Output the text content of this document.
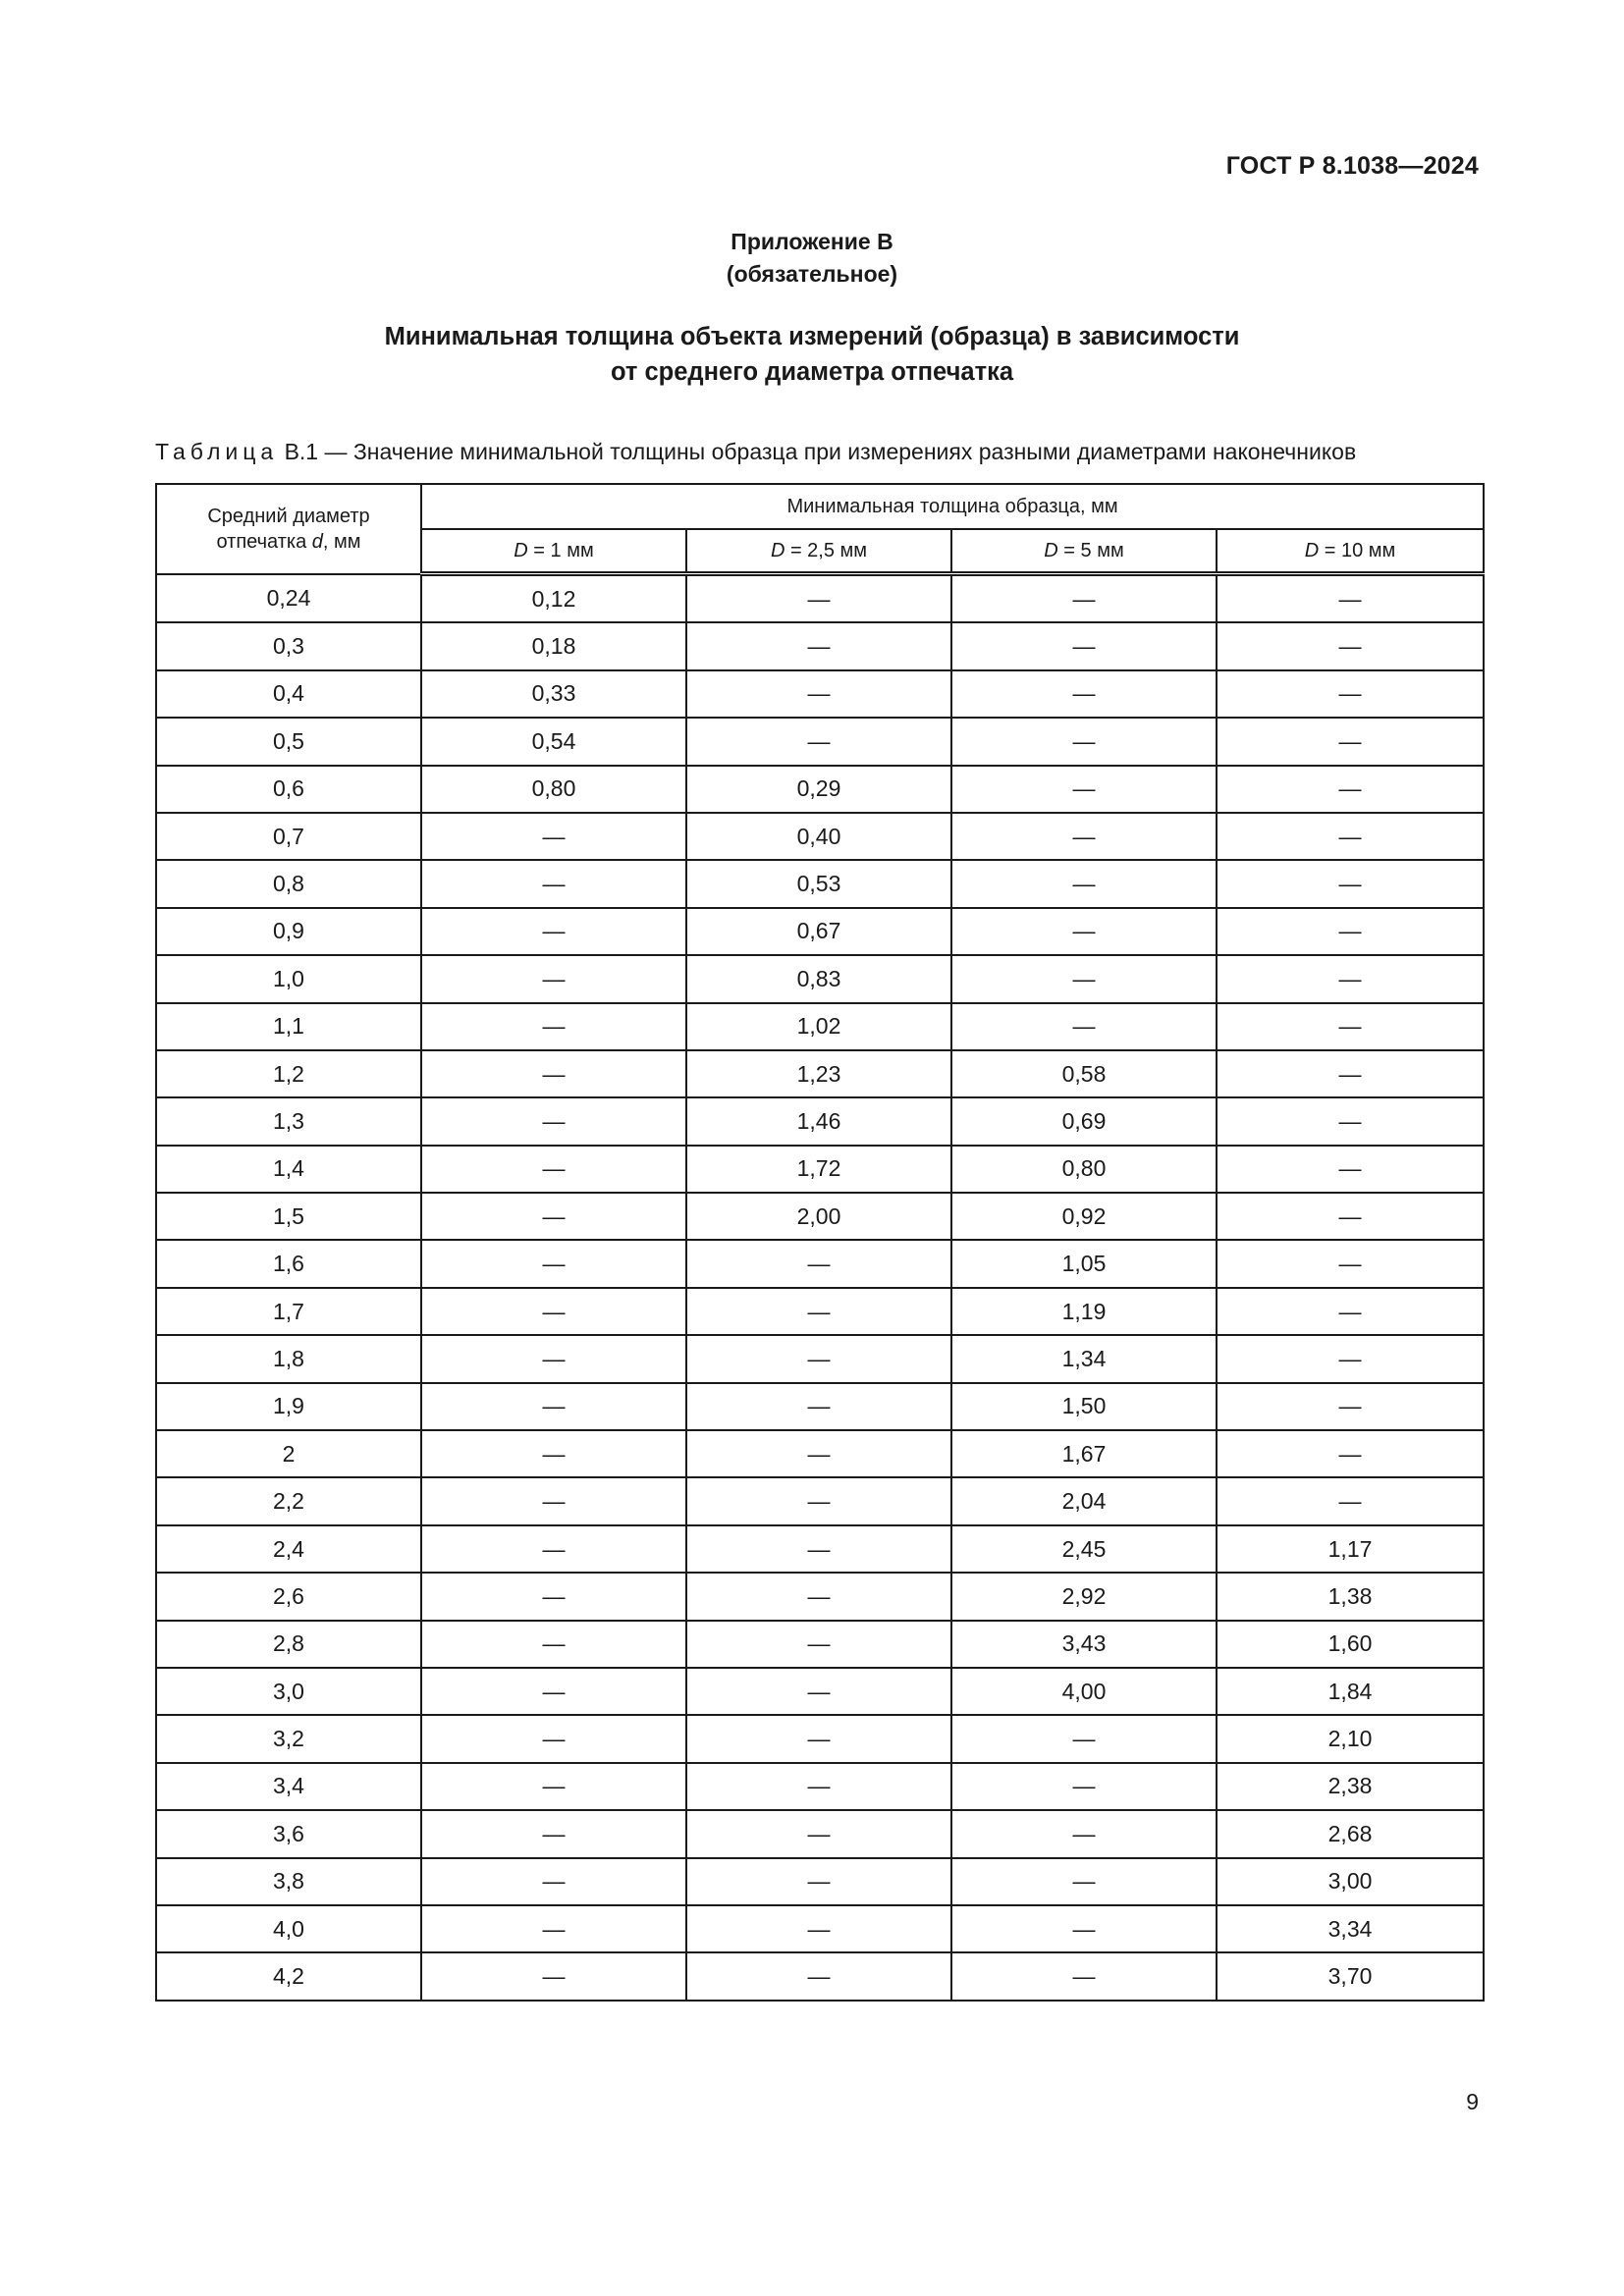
ГОСТ Р 8.1038—2024
Приложение В
(обязательное)
Минимальная толщина объекта измерений (образца) в зависимости
от среднего диаметра отпечатка
Таблица В.1 — Значение минимальной толщины образца при измерениях разными диаметрами наконечников
Средний диаметр
отпечатка d, мм	Минимальная толщина образца, мм			
	D = 1 мм	D = 2,5 мм	D = 5 мм	D = 10 мм
0,24	0,12	—	—	—
0,3	0,18	—	—	—
0,4	0,33	—	—	—
0,5	0,54	—	—	—
0,6	0,80	0,29	—	—
0,7	—	0,40	—	—
0,8	—	0,53	—	—
0,9	—	0,67	—	—
1,0	—	0,83	—	—
1,1	—	1,02	—	—
1,2	—	1,23	0,58	—
1,3	—	1,46	0,69	—
1,4	—	1,72	0,80	—
1,5	—	2,00	0,92	—
1,6	—	—	1,05	—
1,7	—	—	1,19	—
1,8	—	—	1,34	—
1,9	—	—	1,50	—
2	—	—	1,67	—
2,2	—	—	2,04	—
2,4	—	—	2,45	1,17
2,6	—	—	2,92	1,38
2,8	—	—	3,43	1,60
3,0	—	—	4,00	1,84
3,2	—	—	—	2,10
3,4	—	—	—	2,38
3,6	—	—	—	2,68
3,8	—	—	—	3,00
4,0	—	—	—	3,34
4,2	—	—	—	3,70
9
